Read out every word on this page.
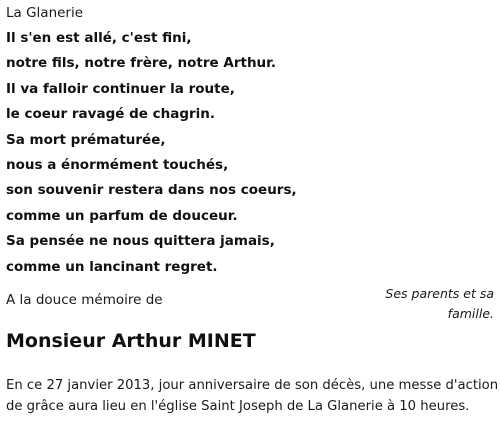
La Glanerie
Il s'en est allé, c'est fini,
notre fils, notre frère, notre Arthur.
Il va falloir continuer la route,
le coeur ravagé de chagrin.
Sa mort prématurée,
nous a énormément touchés,
son souvenir restera dans nos coeurs,
comme un parfum de douceur.
Sa pensée ne nous quittera jamais,
comme un lancinant regret.
A la douce mémoire de	Ses parents et sa
famille.
Monsieur Arthur MINET
En ce 27 janvier 2013, jour anniversaire de son décès, une messe d'action
de grâce aura lieu en l'église Saint Joseph de La Glanerie à 10 heures.
